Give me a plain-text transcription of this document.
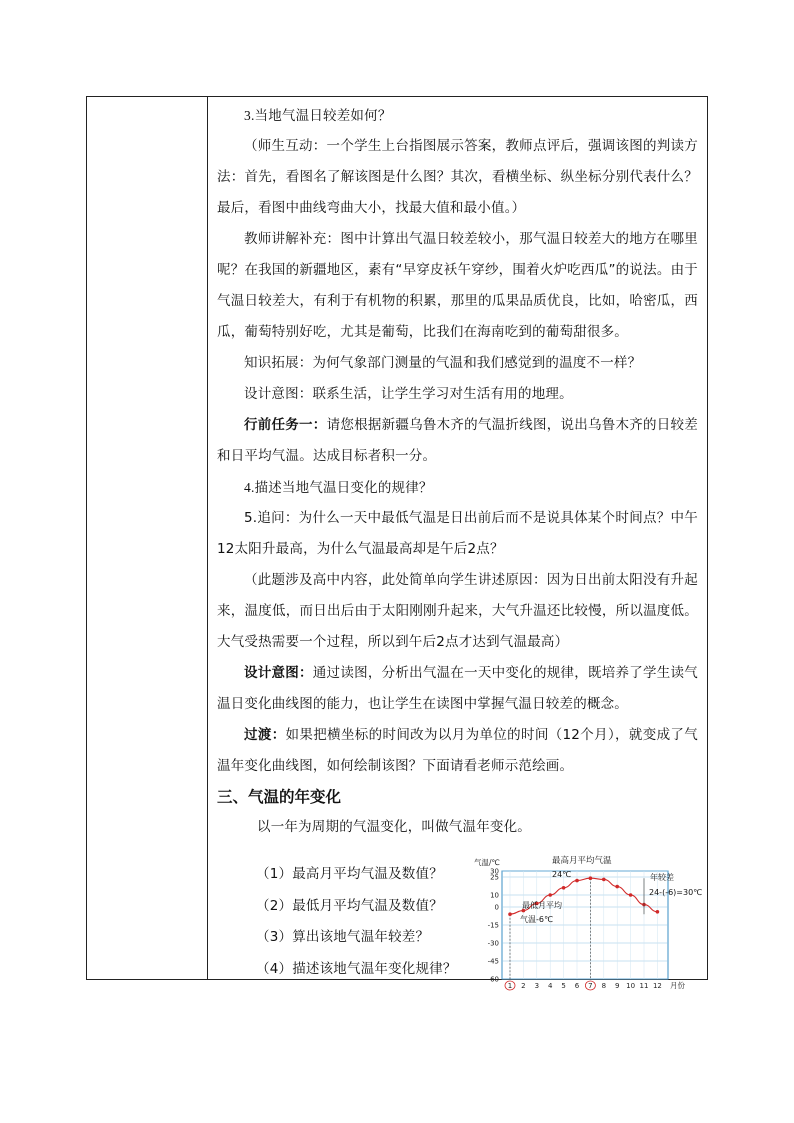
3.当地气温日较差如何？

（师生互动：一个学生上台指图展示答案，教师点评后，强调该图的判读方法：首先，看图名了解该图是什么图？其次，看横坐标、纵坐标分别代表什么？最后，看图中曲线弯曲大小，找最大值和最小值。）

教师讲解补充：图中计算出气温日较差较小，那气温日较差大的地方在哪里呢？在我国的新疆地区，素有“早穿皮袄午穿纱，围着火炉吃西瓜”的说法。由于气温日较差大，有利于有机物的积累，那里的瓜果品质优良，比如，哈密瓜，西瓜，葡萄特别好吃，尤其是葡萄，比我们在海南吃到的葡萄甜很多。

知识拓展：为何气象部门测量的气温和我们感觉到的温度不一样？

设计意图：联系生活，让学生学习对生活有用的地理。

行前任务一：请您根据新疆乌鲁木齐的气温折线图，说出乌鲁木齐的日较差和日平均气温。达成目标者积一分。

4.描述当地气温日变化的规律？

5.追问：为什么一天中最低气温是日出前后而不是说具体某个时间点？中午12太阳升最高，为什么气温最高却是午后2点？

（此题涉及高中内容，此处简单向学生讲述原因：因为日出前太阳没有升起来，温度低，而日出后由于太阳刚刚升起来，大气升温还比较慢，所以温度低。大气受热需要一个过程，所以到午后2点才达到气温最高）

设计意图：通过读图，分析出气温在一天中变化的规律，既培养了学生读气温日变化曲线图的能力，也让学生在读图中掌握气温日较差的概念。

过渡：如果把横坐标的时间改为以月为单位的时间（12个月），就变成了气温年变化曲线图，如何绘制该图？下面请看老师示范绘画。

三、气温的年变化

以一年为周期的气温变化，叫做气温年变化。

（1）最高月平均气温及数值？

（2）最低月平均气温及数值？

（3）算出该地气温年较差？

（4）描述该地气温年变化规律？

30
25
10
0
-15
-30
-45
-60
气温/℃
1 2 3 4 5 6 7 8 9 10 11 12 月份
最高月平均气温
24℃
最低月平均
气温-6℃
年较差
24-(-6)=30℃
